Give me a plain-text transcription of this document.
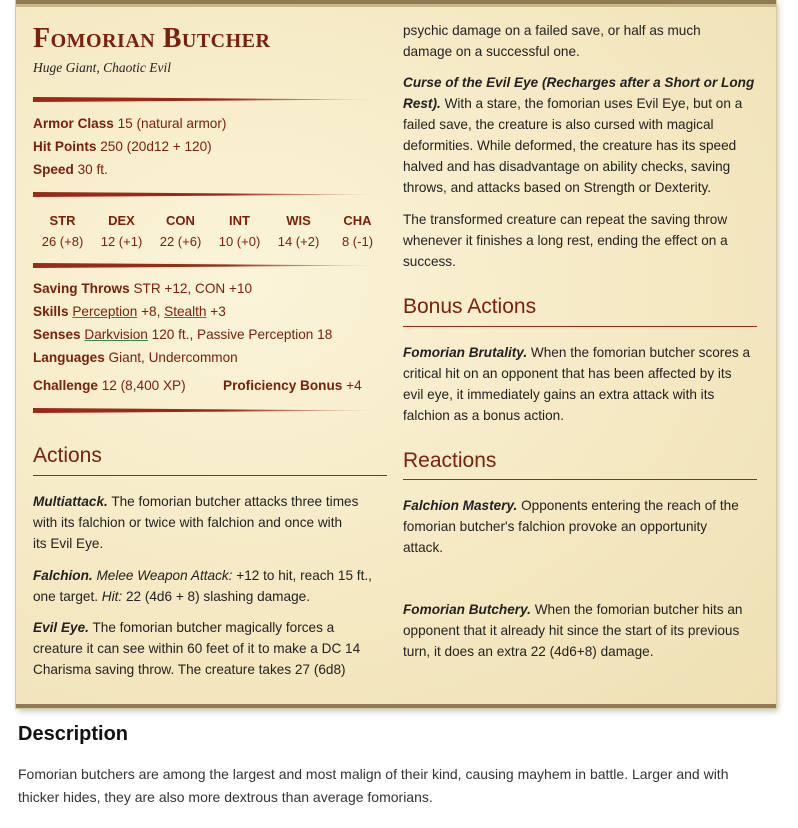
Fomorian Butcher
Huge Giant, Chaotic Evil
Armor Class 15 (natural armor)
Hit Points 250 (20d12 + 120)
Speed 30 ft.
STR
26 (+8)
DEX
12 (+1)
CON
22 (+6)
INT
10 (+0)
WIS
14 (+2)
CHA
8 (-1)
Saving Throws STR +12, CON +10
Skills Perception +8, Stealth +3
Senses Darkvision 120 ft., Passive Perception 18
Languages Giant, Undercommon
Challenge 12 (8,400 XP)	Proficiency Bonus +4
Actions
Multiattack. The fomorian butcher attacks three times
with its falchion or twice with falchion and once with
its Evil Eye.
Falchion. Melee Weapon Attack: +12 to hit, reach 15 ft.,
one target. Hit: 22 (4d6 + 8) slashing damage.
Evil Eye. The fomorian butcher magically forces a
creature it can see within 60 feet of it to make a DC 14
Charisma saving throw. The creature takes 27 (6d8)
psychic damage on a failed save, or half as much
damage on a successful one.
Curse of the Evil Eye (Recharges after a Short or Long
Rest). With a stare, the fomorian uses Evil Eye, but on a
failed save, the creature is also cursed with magical
deformities. While deformed, the creature has its speed
halved and has disadvantage on ability checks, saving
throws, and attacks based on Strength or Dexterity.
The transformed creature can repeat the saving throw
whenever it finishes a long rest, ending the effect on a
success.
Bonus Actions
Fomorian Brutality. When the fomorian butcher scores a
critical hit on an opponent that has been affected by its
evil eye, it immediately gains an extra attack with its
falchion as a bonus action.
Reactions
Falchion Mastery. Opponents entering the reach of the
fomorian butcher's falchion provoke an opportunity
attack.
Fomorian Butchery. When the fomorian butcher hits an
opponent that it already hit since the start of its previous
turn, it does an extra 22 (4d6+8) damage.
Description
Fomorian butchers are among the largest and most malign of their kind, causing mayhem in battle. Larger and with
thicker hides, they are also more dextrous than average fomorians.
